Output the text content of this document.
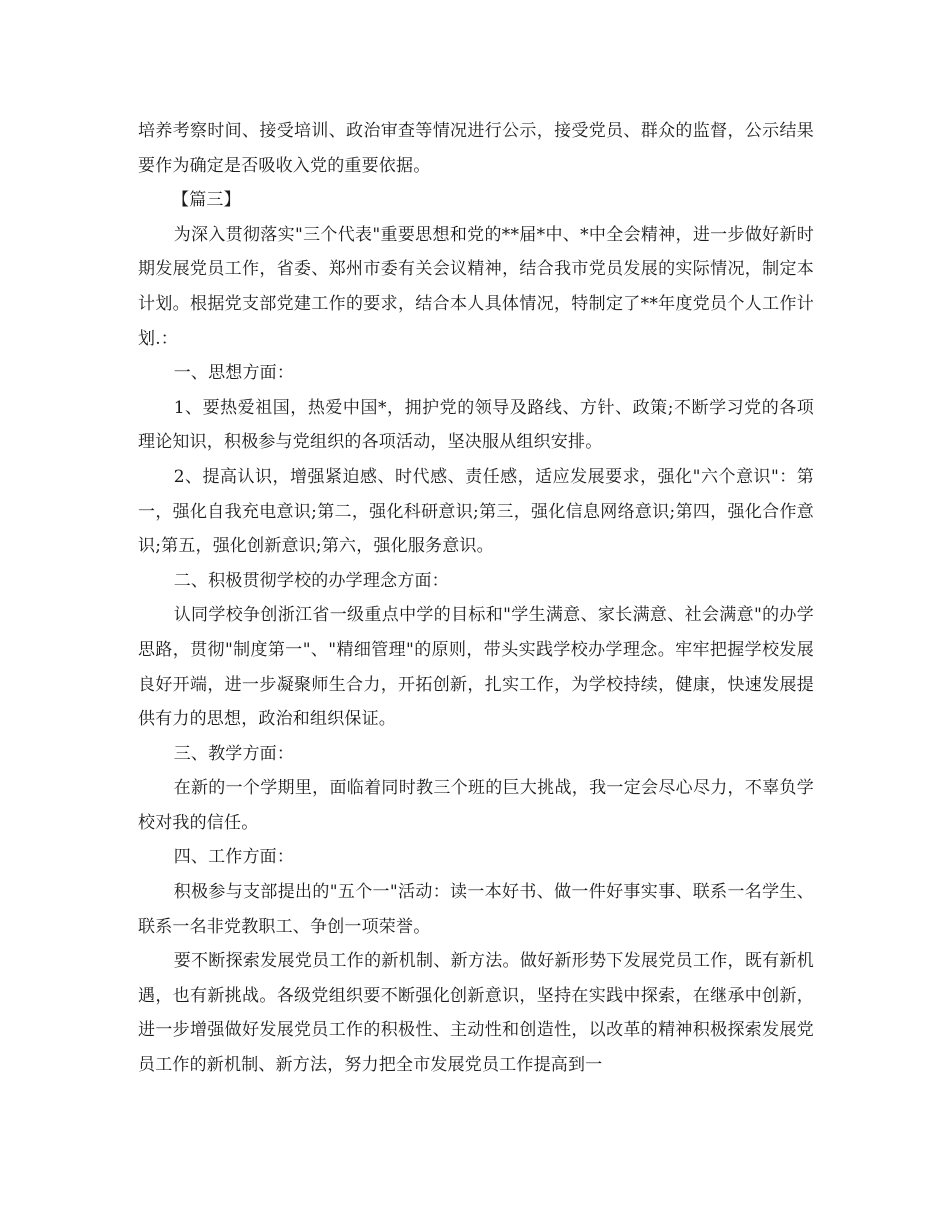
培养考察时间、接受培训、政治审查等情况进行公示，接受党员、群众的监督，公示结果要作为确定是否吸收入党的重要依据。

【篇三】

为深入贯彻落实"三个代表"重要思想和党的**届*中、*中全会精神，进一步做好新时期发展党员工作，省委、郑州市委有关会议精神，结合我市党员发展的实际情况，制定本计划。根据党支部党建工作的要求，结合本人具体情况，特制定了**年度党员个人工作计划.：

一、思想方面：

1、要热爱祖国，热爱中国*，拥护党的领导及路线、方针、政策;不断学习党的各项理论知识，积极参与党组织的各项活动，坚决服从组织安排。

2、提高认识，增强紧迫感、时代感、责任感，适应发展要求，强化"六个意识"：第一，强化自我充电意识;第二，强化科研意识;第三，强化信息网络意识;第四，强化合作意识;第五，强化创新意识;第六，强化服务意识。

二、积极贯彻学校的办学理念方面：

认同学校争创浙江省一级重点中学的目标和"学生满意、家长满意、社会满意"的办学思路，贯彻"制度第一"、"精细管理"的原则，带头实践学校办学理念。牢牢把握学校发展良好开端，进一步凝聚师生合力，开拓创新，扎实工作，为学校持续，健康，快速发展提供有力的思想，政治和组织保证。

三、教学方面：

在新的一个学期里，面临着同时教三个班的巨大挑战，我一定会尽心尽力，不辜负学校对我的信任。

四、工作方面：

积极参与支部提出的"五个一"活动：读一本好书、做一件好事实事、联系一名学生、联系一名非党教职工、争创一项荣誉。

要不断探索发展党员工作的新机制、新方法。做好新形势下发展党员工作，既有新机遇，也有新挑战。各级党组织要不断强化创新意识，坚持在实践中探索，在继承中创新，进一步增强做好发展党员工作的积极性、主动性和创造性，以改革的精神积极探索发展党员工作的新机制、新方法，努力把全市发展党员工作提高到一
